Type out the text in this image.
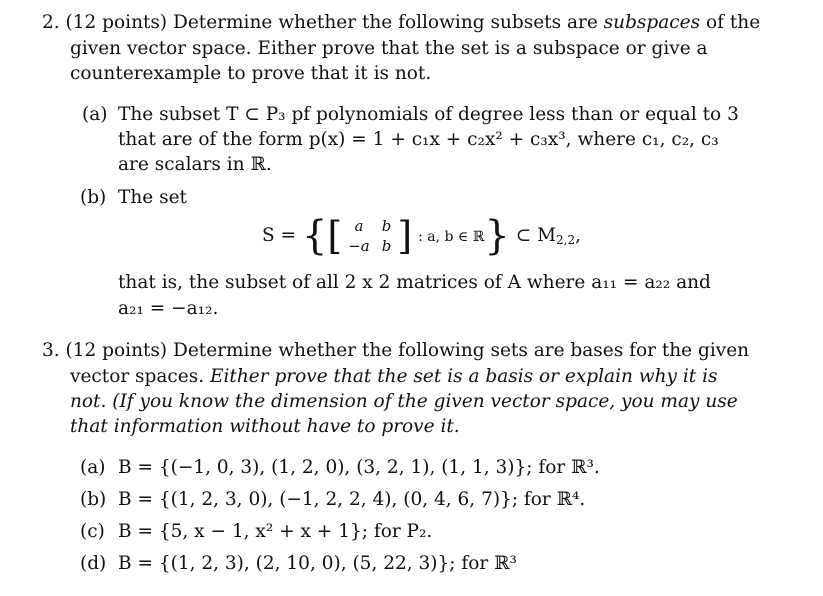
2. (12 points) Determine whether the following subsets are subspaces of the

given vector space. Either prove that the set is a subspace or give a

counterexample to prove that it is not.

(a) The subset T ⊂ P₃ pf polynomials of degree less than or equal to 3

that are of the form p(x) = 1 + c₁x + c₂x² + c₃x³, where c₁, c₂, c₃

are scalars in ℝ.

(b) The set

S = {[ a	b
−a	b ] : a, b ∈ ℝ} ⊂ $M_{2,2}$,

that is, the subset of all 2 x 2 matrices of A where a₁₁ = a₂₂ and

a₂₁ = −a₁₂.

3. (12 points) Determine whether the following sets are bases for the given

vector spaces. Either prove that the set is a basis or explain why it is

not. (If you know the dimension of the given vector space, you may use

that information without have to prove it.

(a) B = {(−1, 0, 3), (1, 2, 0), (3, 2, 1), (1, 1, 3)}; for ℝ³.

(b) B = {(1, 2, 3, 0), (−1, 2, 2, 4), (0, 4, 6, 7)}; for ℝ⁴.

(c) B = {5, x − 1, x² + x + 1}; for P₂.

(d) B = {(1, 2, 3), (2, 10, 0), (5, 22, 3)}; for ℝ³
